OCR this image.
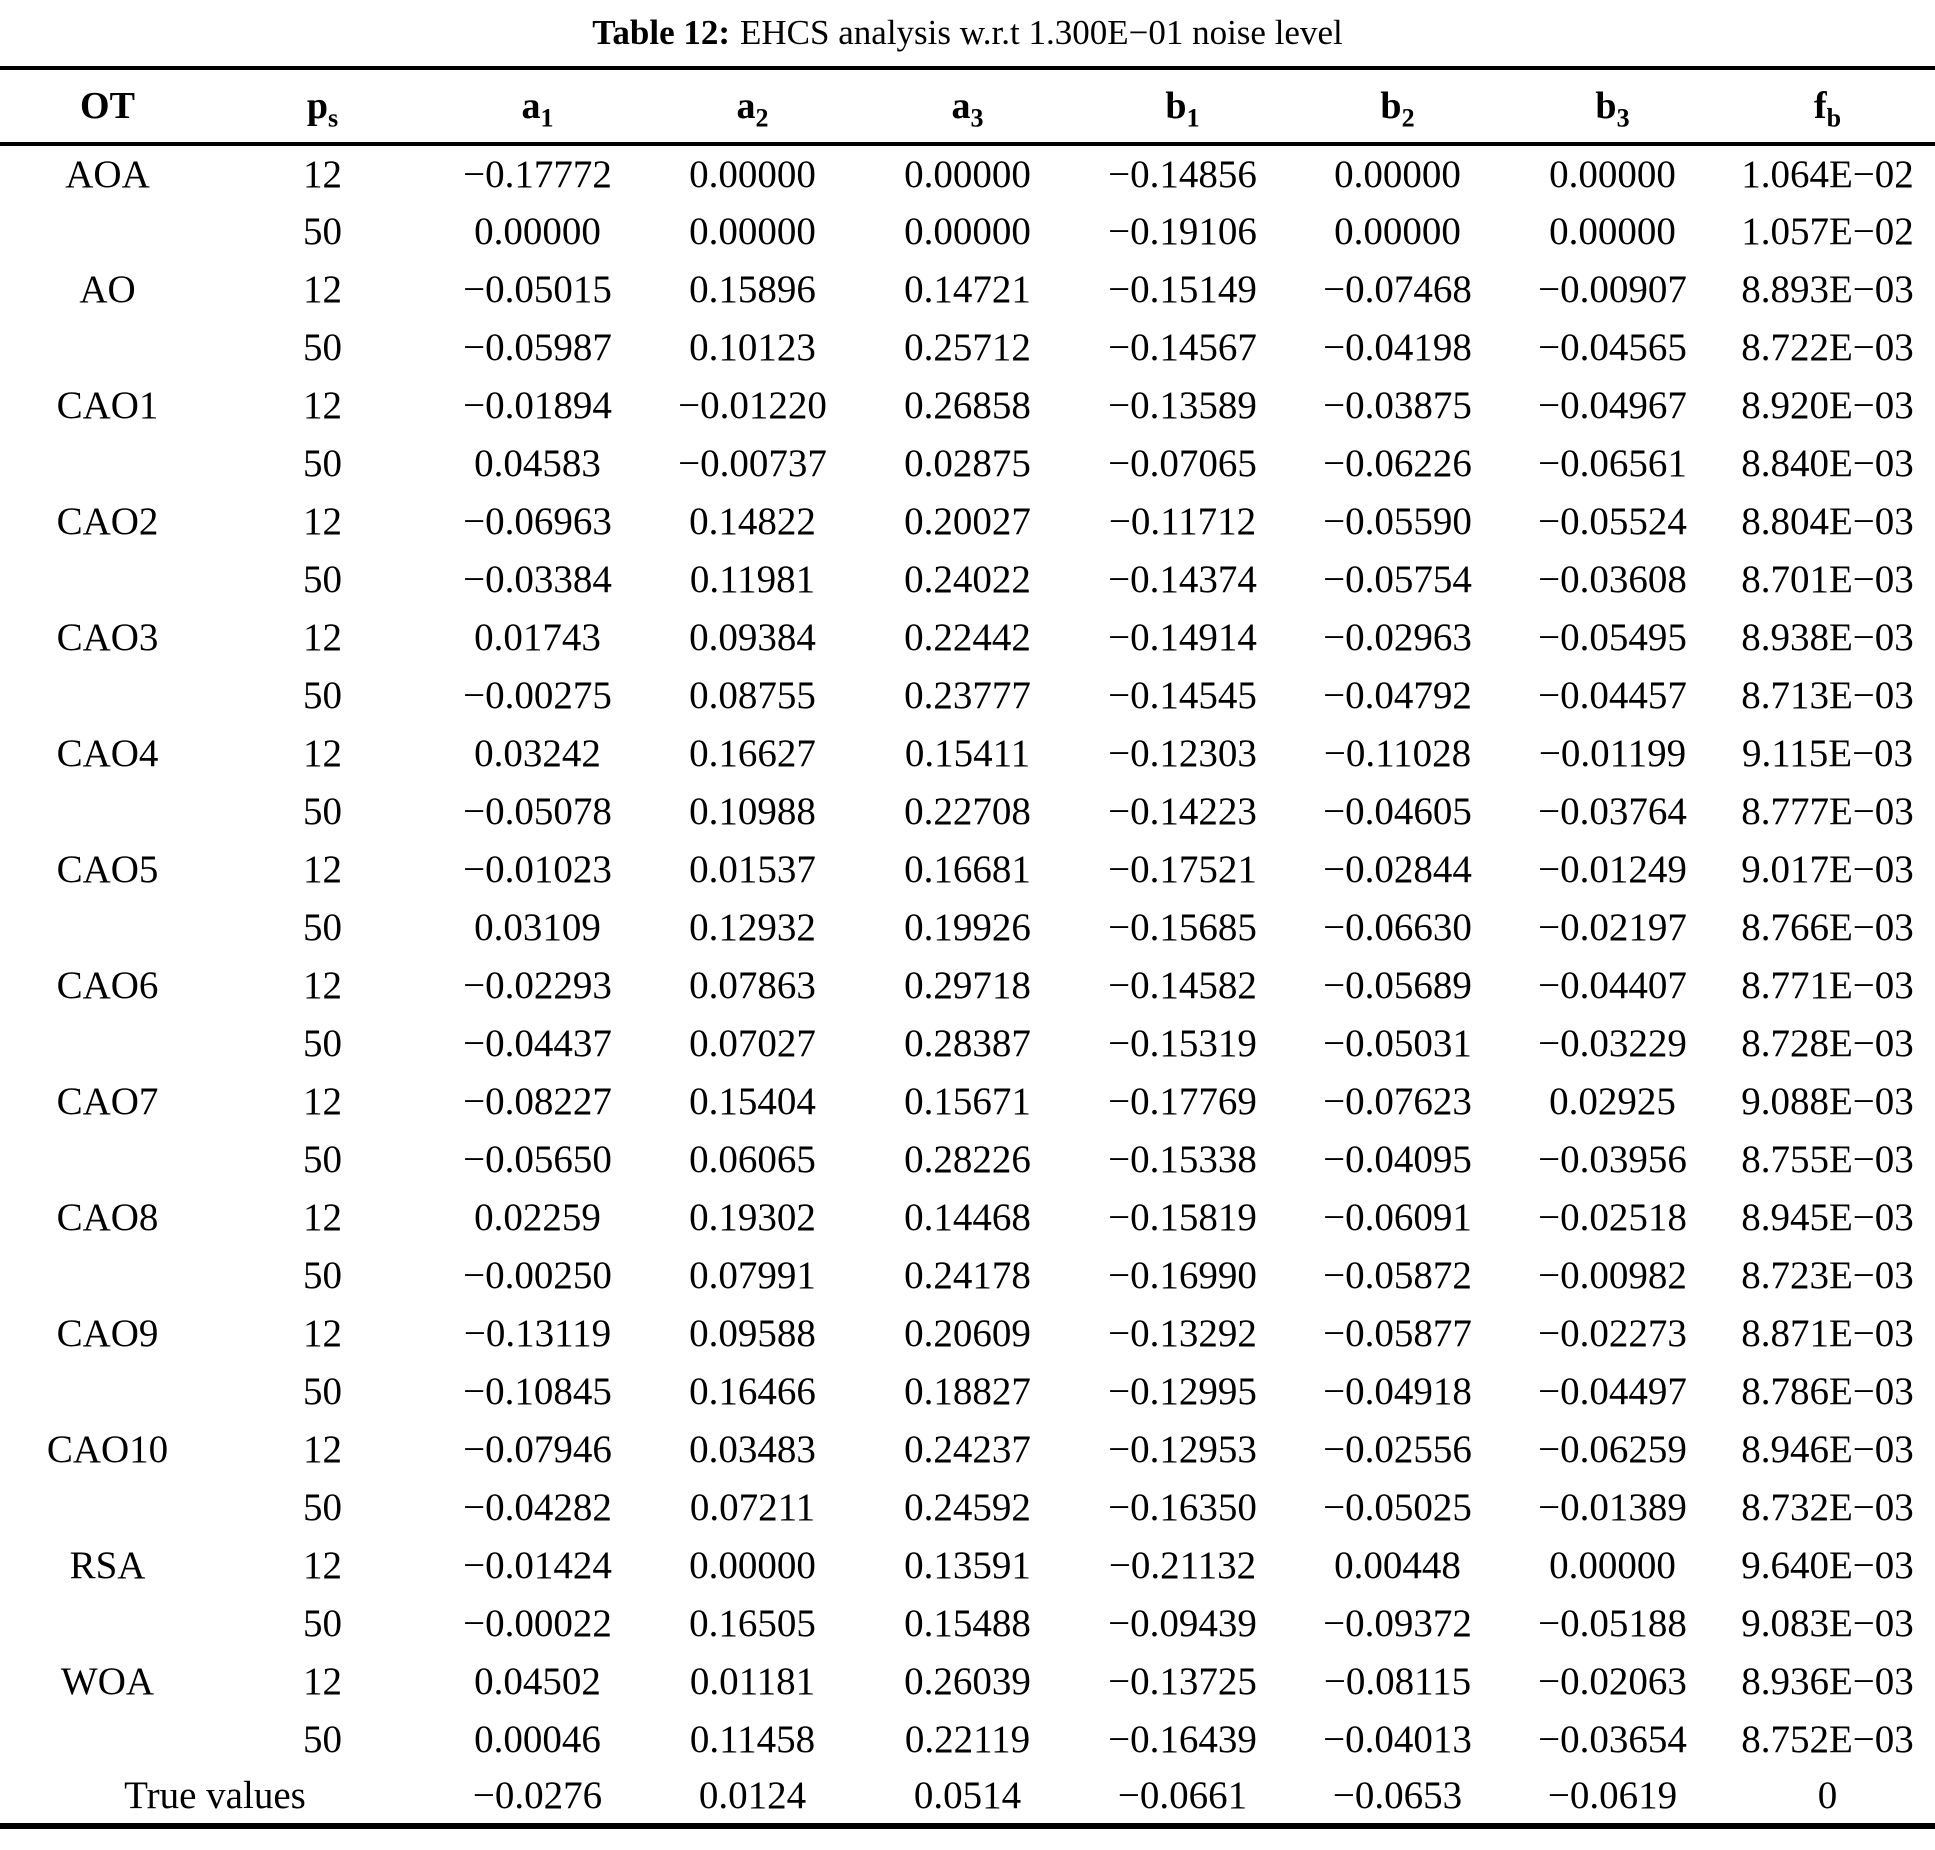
Table 12: EHCS analysis w.r.t 1.300E−01 noise level
OT	$p_s$	$a_1$	$a_2$	$a_3$	$b_1$	$b_2$	$b_3$	$f_b$
AOA	12	−0.17772	0.00000	0.00000	−0.14856	0.00000	0.00000	1.064E−02
	50	0.00000	0.00000	0.00000	−0.19106	0.00000	0.00000	1.057E−02
AO	12	−0.05015	0.15896	0.14721	−0.15149	−0.07468	−0.00907	8.893E−03
	50	−0.05987	0.10123	0.25712	−0.14567	−0.04198	−0.04565	8.722E−03
CAO1	12	−0.01894	−0.01220	0.26858	−0.13589	−0.03875	−0.04967	8.920E−03
	50	0.04583	−0.00737	0.02875	−0.07065	−0.06226	−0.06561	8.840E−03
CAO2	12	−0.06963	0.14822	0.20027	−0.11712	−0.05590	−0.05524	8.804E−03
	50	−0.03384	0.11981	0.24022	−0.14374	−0.05754	−0.03608	8.701E−03
CAO3	12	0.01743	0.09384	0.22442	−0.14914	−0.02963	−0.05495	8.938E−03
	50	−0.00275	0.08755	0.23777	−0.14545	−0.04792	−0.04457	8.713E−03
CAO4	12	0.03242	0.16627	0.15411	−0.12303	−0.11028	−0.01199	9.115E−03
	50	−0.05078	0.10988	0.22708	−0.14223	−0.04605	−0.03764	8.777E−03
CAO5	12	−0.01023	0.01537	0.16681	−0.17521	−0.02844	−0.01249	9.017E−03
	50	0.03109	0.12932	0.19926	−0.15685	−0.06630	−0.02197	8.766E−03
CAO6	12	−0.02293	0.07863	0.29718	−0.14582	−0.05689	−0.04407	8.771E−03
	50	−0.04437	0.07027	0.28387	−0.15319	−0.05031	−0.03229	8.728E−03
CAO7	12	−0.08227	0.15404	0.15671	−0.17769	−0.07623	0.02925	9.088E−03
	50	−0.05650	0.06065	0.28226	−0.15338	−0.04095	−0.03956	8.755E−03
CAO8	12	0.02259	0.19302	0.14468	−0.15819	−0.06091	−0.02518	8.945E−03
	50	−0.00250	0.07991	0.24178	−0.16990	−0.05872	−0.00982	8.723E−03
CAO9	12	−0.13119	0.09588	0.20609	−0.13292	−0.05877	−0.02273	8.871E−03
	50	−0.10845	0.16466	0.18827	−0.12995	−0.04918	−0.04497	8.786E−03
CAO10	12	−0.07946	0.03483	0.24237	−0.12953	−0.02556	−0.06259	8.946E−03
	50	−0.04282	0.07211	0.24592	−0.16350	−0.05025	−0.01389	8.732E−03
RSA	12	−0.01424	0.00000	0.13591	−0.21132	0.00448	0.00000	9.640E−03
	50	−0.00022	0.16505	0.15488	−0.09439	−0.09372	−0.05188	9.083E−03
WOA	12	0.04502	0.01181	0.26039	−0.13725	−0.08115	−0.02063	8.936E−03
	50	0.00046	0.11458	0.22119	−0.16439	−0.04013	−0.03654	8.752E−03
True values		−0.0276	0.0124	0.0514	−0.0661	−0.0653	−0.0619	0
